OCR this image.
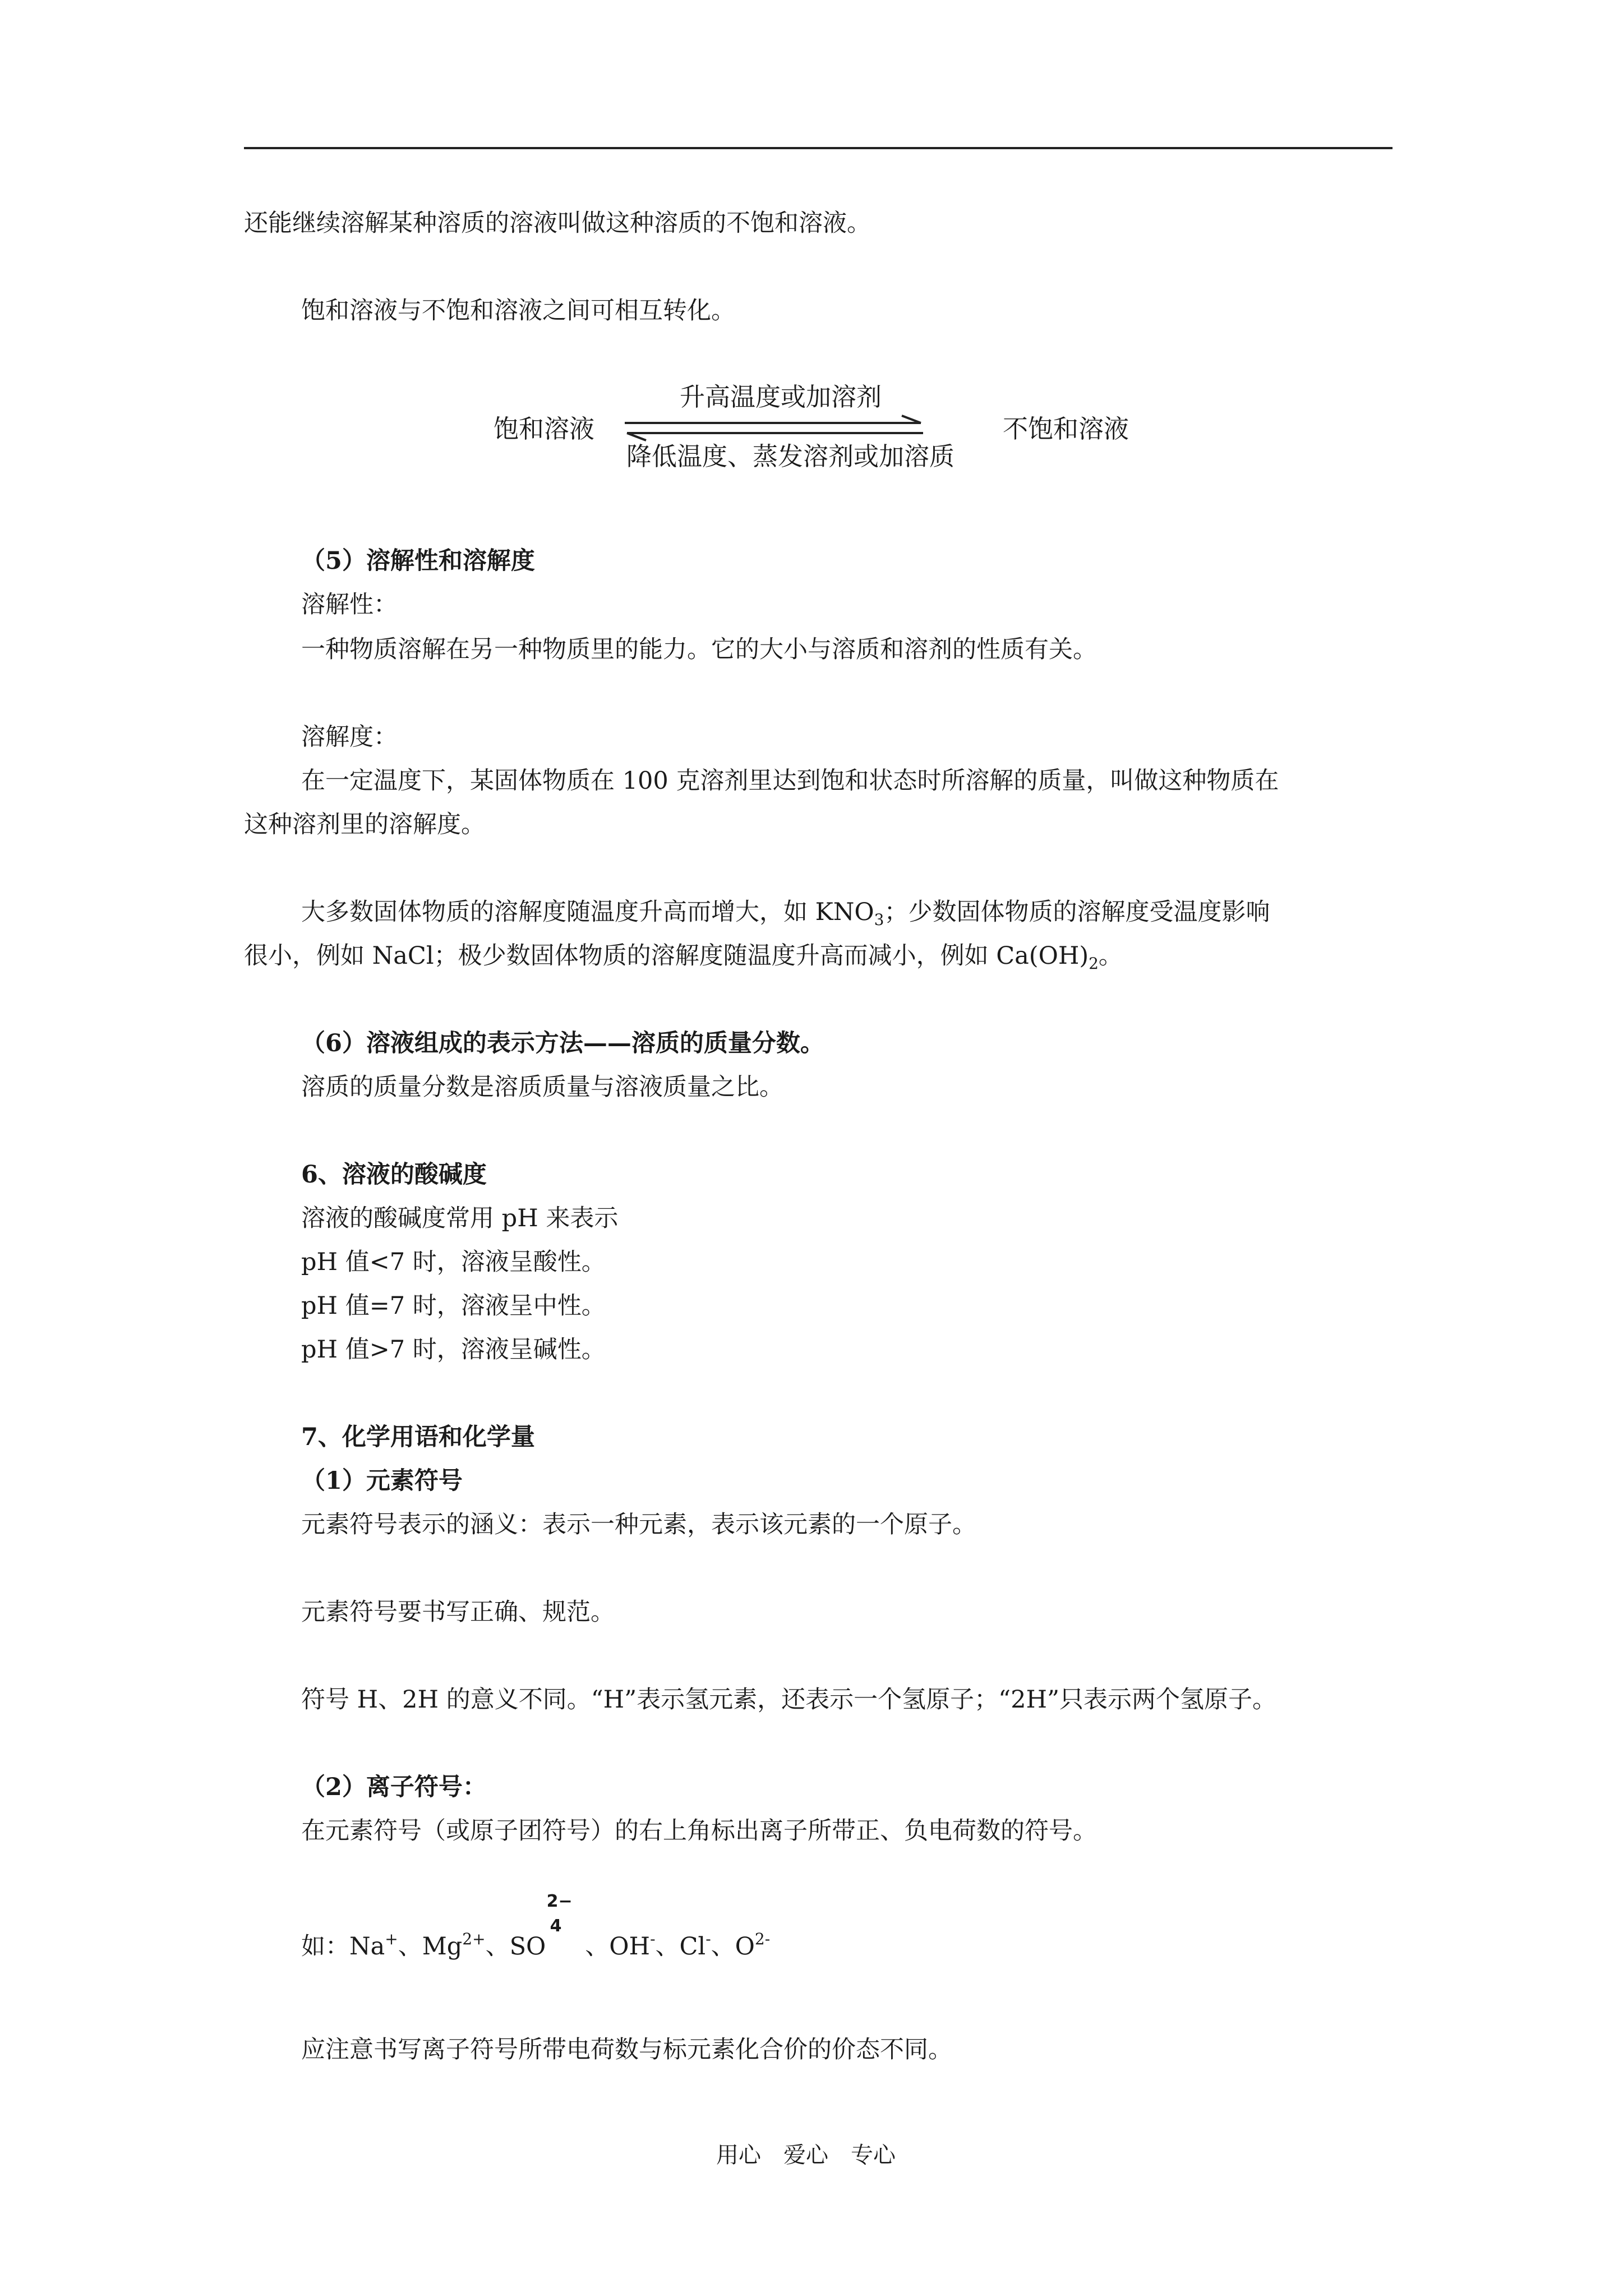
还能继续溶解某种溶质的溶液叫做这种溶质的不饱和溶液。
饱和溶液与不饱和溶液之间可相互转化。
饱和溶液
升高温度或加溶剂
不饱和溶液
降低温度、蒸发溶剂或加溶质
（5）溶解性和溶解度
溶解性：
一种物质溶解在另一种物质里的能力。它的大小与溶质和溶剂的性质有关。
溶解度：
在一定温度下，某固体物质在 100 克溶剂里达到饱和状态时所溶解的质量，叫做这种物质在
这种溶剂里的溶解度。
大多数固体物质的溶解度随温度升高而增大，如 $KNO_3$；少数固体物质的溶解度受温度影响
很小，例如 NaCl；极少数固体物质的溶解度随温度升高而减小，例如 $Ca(OH)_2$。
（6）溶液组成的表示方法——溶质的质量分数。
溶质的质量分数是溶质质量与溶液质量之比。
6、溶液的酸碱度
溶液的酸碱度常用 pH 来表示
pH 值<7 时，溶液呈酸性。
pH 值=7 时，溶液呈中性。
pH 值>7 时，溶液呈碱性。
7、化学用语和化学量
（1）元素符号
元素符号表示的涵义：表示一种元素，表示该元素的一个原子。
元素符号要书写正确、规范。
符号 H、2H 的意义不同。“H”表示氢元素，还表示一个氢原子；“2H”只表示两个氢原子。
（2）离子符号：
在元素符号（或原子团符号）的右上角标出离子所带正、负电荷数的符号。
如：Na+、$Mg^{2+}$、SO
2−
4
、OH-、Cl-、$O^{2-}$
应注意书写离子符号所带电荷数与标元素化合价的价态不同。
用心　爱心　专心
